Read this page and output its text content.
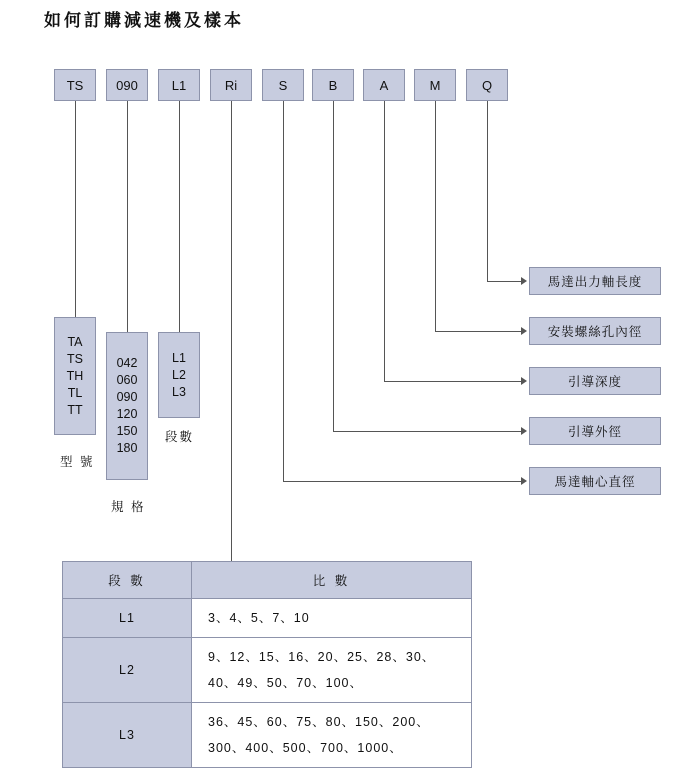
如何訂購減速機及樣本
TS	090	L1	Ri	S	B	A	M	Q
TA
TS
TH
TL
TT
型 號
042
060
090
120
150
180
規 格
L1
L2
L3
段數
馬達出力軸長度
安裝螺絲孔內徑
引導深度
引導外徑
馬達軸心直徑
段 數	比 數
L1	3、4、5、7、10

L2	9、12、15、16、20、25、28、30、
40、49、50、70、100、

L3	36、45、60、75、80、150、200、
300、400、500、700、1000、
